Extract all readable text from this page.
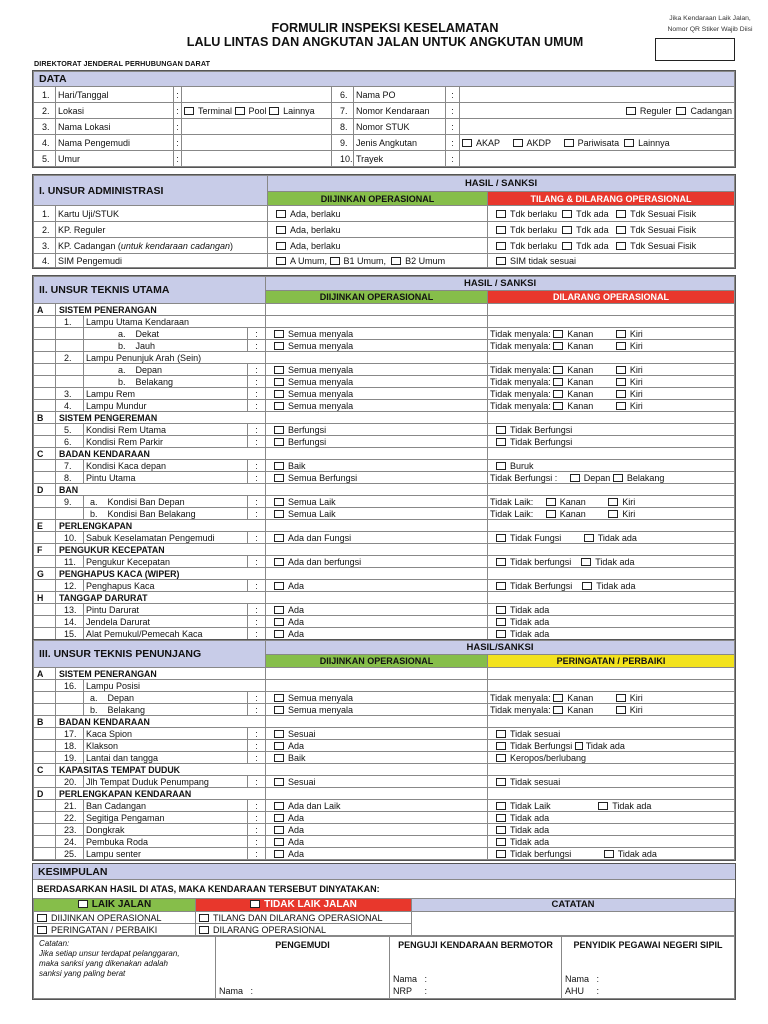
FORMULIR INSPEKSI KESELAMATAN
LALU LINTAS DAN ANGKUTAN JALAN UNTUK ANGKUTAN UMUM
Jika Kendaraan Laik Jalan,
Nomor QR Stiker Wajib Diisi
DIREKTORAT JENDERAL PERHUBUNGAN DARAT
DATA							
1.	Hari/Tanggal	:		6.	Nama PO	:	
2.	Lokasi	:	Terminal Pool Lainnya	7.	Nomor Kendaraan	:	Reguler Cadangan
3.	Nama Lokasi	:		8.	Nomor STUK	:	
4.	Nama Pengemudi	:		9.	Jenis Angkutan	:	AKAP AKDP Pariwisata Lainnya
5.	Umur	:		10.	Trayek	:	
I. UNSUR ADMINISTRASI		HASIL / SANKSI	
		DIIJINKAN OPERASIONAL	TILANG & DILARANG OPERASIONAL
1.	Kartu Uji/STUK	Ada, berlaku	Tdk berlaku Tdk ada Tdk Sesuai Fisik
2.	KP. Reguler	Ada, berlaku	Tdk berlaku Tdk ada Tdk Sesuai Fisik
3.	KP. Cadangan (untuk kendaraan cadangan)	Ada, berlaku	Tdk berlaku Tdk ada Tdk Sesuai Fisik
4.	SIM Pengemudi	A Umum, B1 Umum, B2 Umum	SIM tidak sesuai
II. UNSUR TEKNIS UTAMA				HASIL / SANKSI	
				DIIJINKAN OPERASIONAL	DILARANG OPERASIONAL
A	SISTEM PENERANGAN				
	1.	Lampu Utama Kendaraan			
		a. Dekat	:	Semua menyala	Tidak menyala: Kanan Kiri
		b. Jauh	:	Semua menyala	Tidak menyala: Kanan Kiri
	2.	Lampu Penunjuk Arah (Sein)			
		a. Depan	:	Semua menyala	Tidak menyala: Kanan Kiri
		b. Belakang	:	Semua menyala	Tidak menyala: Kanan Kiri
	3.	Lampu Rem	:	Semua menyala	Tidak menyala: Kanan Kiri
	4.	Lampu Mundur	:	Semua menyala	Tidak menyala: Kanan Kiri
B	SISTEM PENGEREMAN				
	5.	Kondisi Rem Utama	:	Berfungsi	Tidak Berfungsi
	6.	Kondisi Rem Parkir	:	Berfungsi	Tidak Berfungsi
C	BADAN KENDARAAN				
	7.	Kondisi Kaca depan	:	Baik	Buruk
	8.	Pintu Utama	:	Semua Berfungsi	Tidak Berfungsi : Depan Belakang
D	BAN				
	9.	a. Kondisi Ban Depan	:	Semua Laik	Tidak Laik: Kanan Kiri
		b. Kondisi Ban Belakang	:	Semua Laik	Tidak Laik: Kanan Kiri
E	PERLENGKAPAN				
	10.	Sabuk Keselamatan Pengemudi	:	Ada dan Fungsi	Tidak Fungsi Tidak ada
F	PENGUKUR KECEPATAN				
	11.	Pengukur Kecepatan	:	Ada dan berfungsi	Tidak berfungsi Tidak ada
G	PENGHAPUS KACA (WIPER)				
	12.	Penghapus Kaca	:	Ada	Tidak Berfungsi Tidak ada
H	TANGGAP DARURAT				
	13.	Pintu Darurat	:	Ada	Tidak ada
	14.	Jendela Darurat	:	Ada	Tidak ada
	15.	Alat Pemukul/Pemecah Kaca	:	Ada	Tidak ada
III. UNSUR TEKNIS PENUNJANG				HASIL/SANKSI	
				DIIJINKAN OPERASIONAL	PERINGATAN / PERBAIKI
A	SISTEM PENERANGAN				
	16.	Lampu Posisi			
		a. Depan	:	Semua menyala	Tidak menyala: Kanan Kiri
		b. Belakang	:	Semua menyala	Tidak menyala: Kanan Kiri
B	BADAN KENDARAAN				
	17.	Kaca Spion	:	Sesuai	Tidak sesuai
	18.	Klakson	:	Ada	Tidak Berfungsi Tidak ada
	19.	Lantai dan tangga	:	Baik	Keropos/berlubang
C	KAPASITAS TEMPAT DUDUK				
	20.	Jlh Tempat Duduk Penumpang	:	Sesuai	Tidak sesuai
D	PERLENGKAPAN KENDARAAN				
	21.	Ban Cadangan	:	Ada dan Laik	Tidak Laik Tidak ada
	22.	Segitiga Pengaman	:	Ada	Tidak ada
	23.	Dongkrak	:	Ada	Tidak ada
	24.	Pembuka Roda	:	Ada	Tidak ada
	25.	Lampu senter	:	Ada	Tidak berfungsi Tidak ada
KESIMPULAN
BERDASARKAN HASIL DI ATAS, MAKA KENDARAAN TERSEBUT DINYATAKAN:
LAIK JALAN	TIDAK LAIK JALAN	CATATAN
DIIJINKAN OPERASIONAL	TILANG DAN DILARANG OPERASIONAL	
PERINGATAN / PERBAIKI	DILARANG OPERASIONAL	
Catatan:
Jika setiap unsur terdapat pelanggaran,
maka sanksi yang dikenakan adalah
sanksi yang paling berat

PENGEMUDI
Nama :

PENGUJI KENDARAAN BERMOTOR
Nama :
NRP :

PENYIDIK PEGAWAI NEGERI SIPIL
Nama :
AHU :
